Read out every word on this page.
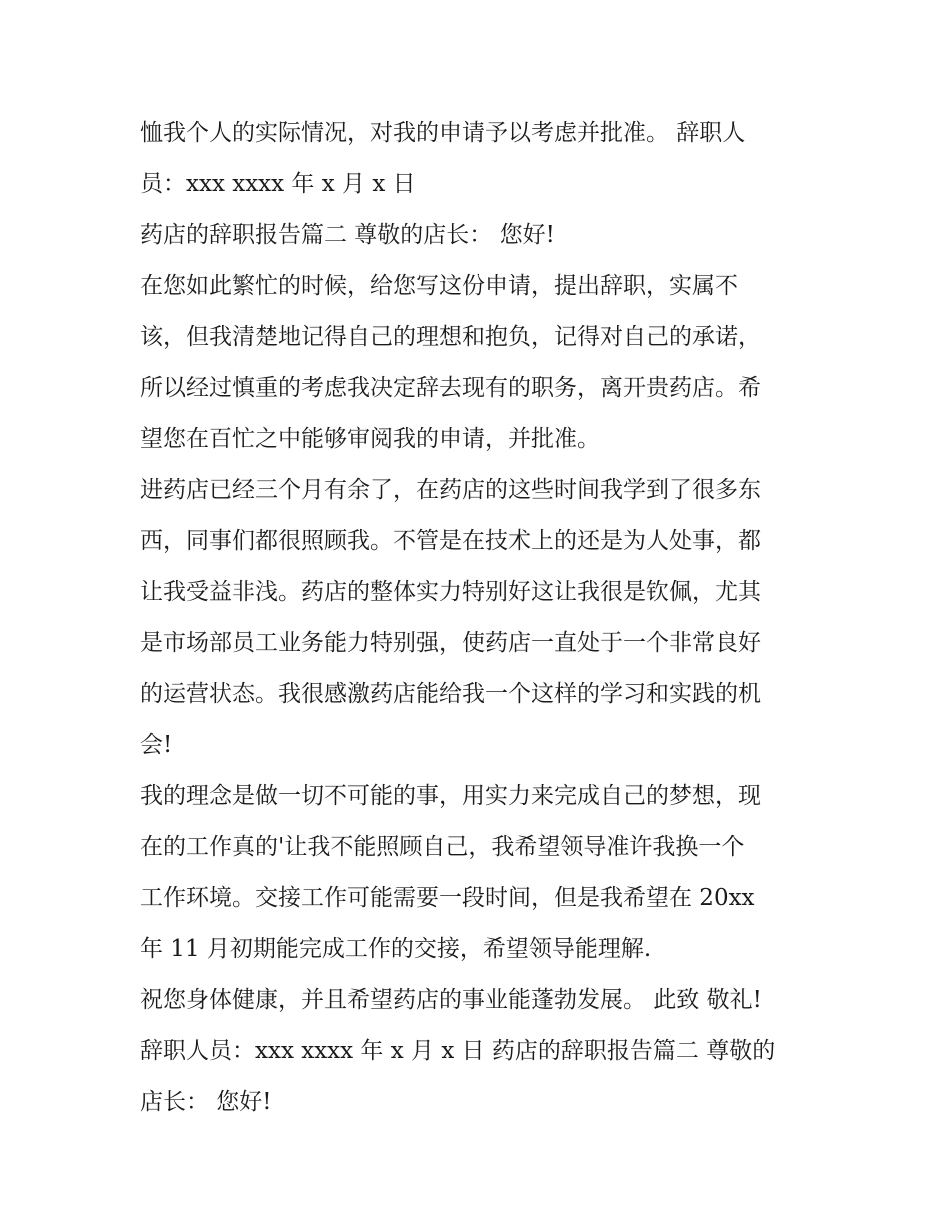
恤我个人的实际情况，对我的申请予以考虑并批准。 辞职人
员：xxx xxxx 年 x 月 x 日
药店的辞职报告篇二 尊敬的店长： 您好!
在您如此繁忙的时候，给您写这份申请，提出辞职，实属不
该，但我清楚地记得自己的理想和抱负，记得对自己的承诺，
所以经过慎重的考虑我决定辞去现有的职务，离开贵药店。希
望您在百忙之中能够审阅我的申请，并批准。
进药店已经三个月有余了，在药店的这些时间我学到了很多东
西，同事们都很照顾我。不管是在技术上的还是为人处事，都
让我受益非浅。药店的整体实力特别好这让我很是钦佩，尤其
是市场部员工业务能力特别强，使药店一直处于一个非常良好
的运营状态。我很感激药店能给我一个这样的学习和实践的机
会!
我的理念是做一切不可能的事，用实力来完成自己的梦想，现
在的工作真的'让我不能照顾自己，我希望领导准许我换一个
工作环境。交接工作可能需要一段时间，但是我希望在 20xx
年 11 月初期能完成工作的交接，希望领导能理解.
祝您身体健康，并且希望药店的事业能蓬勃发展。 此致 敬礼!
辞职人员：xxx xxxx 年 x 月 x 日 药店的辞职报告篇二 尊敬的
店长： 您好!
